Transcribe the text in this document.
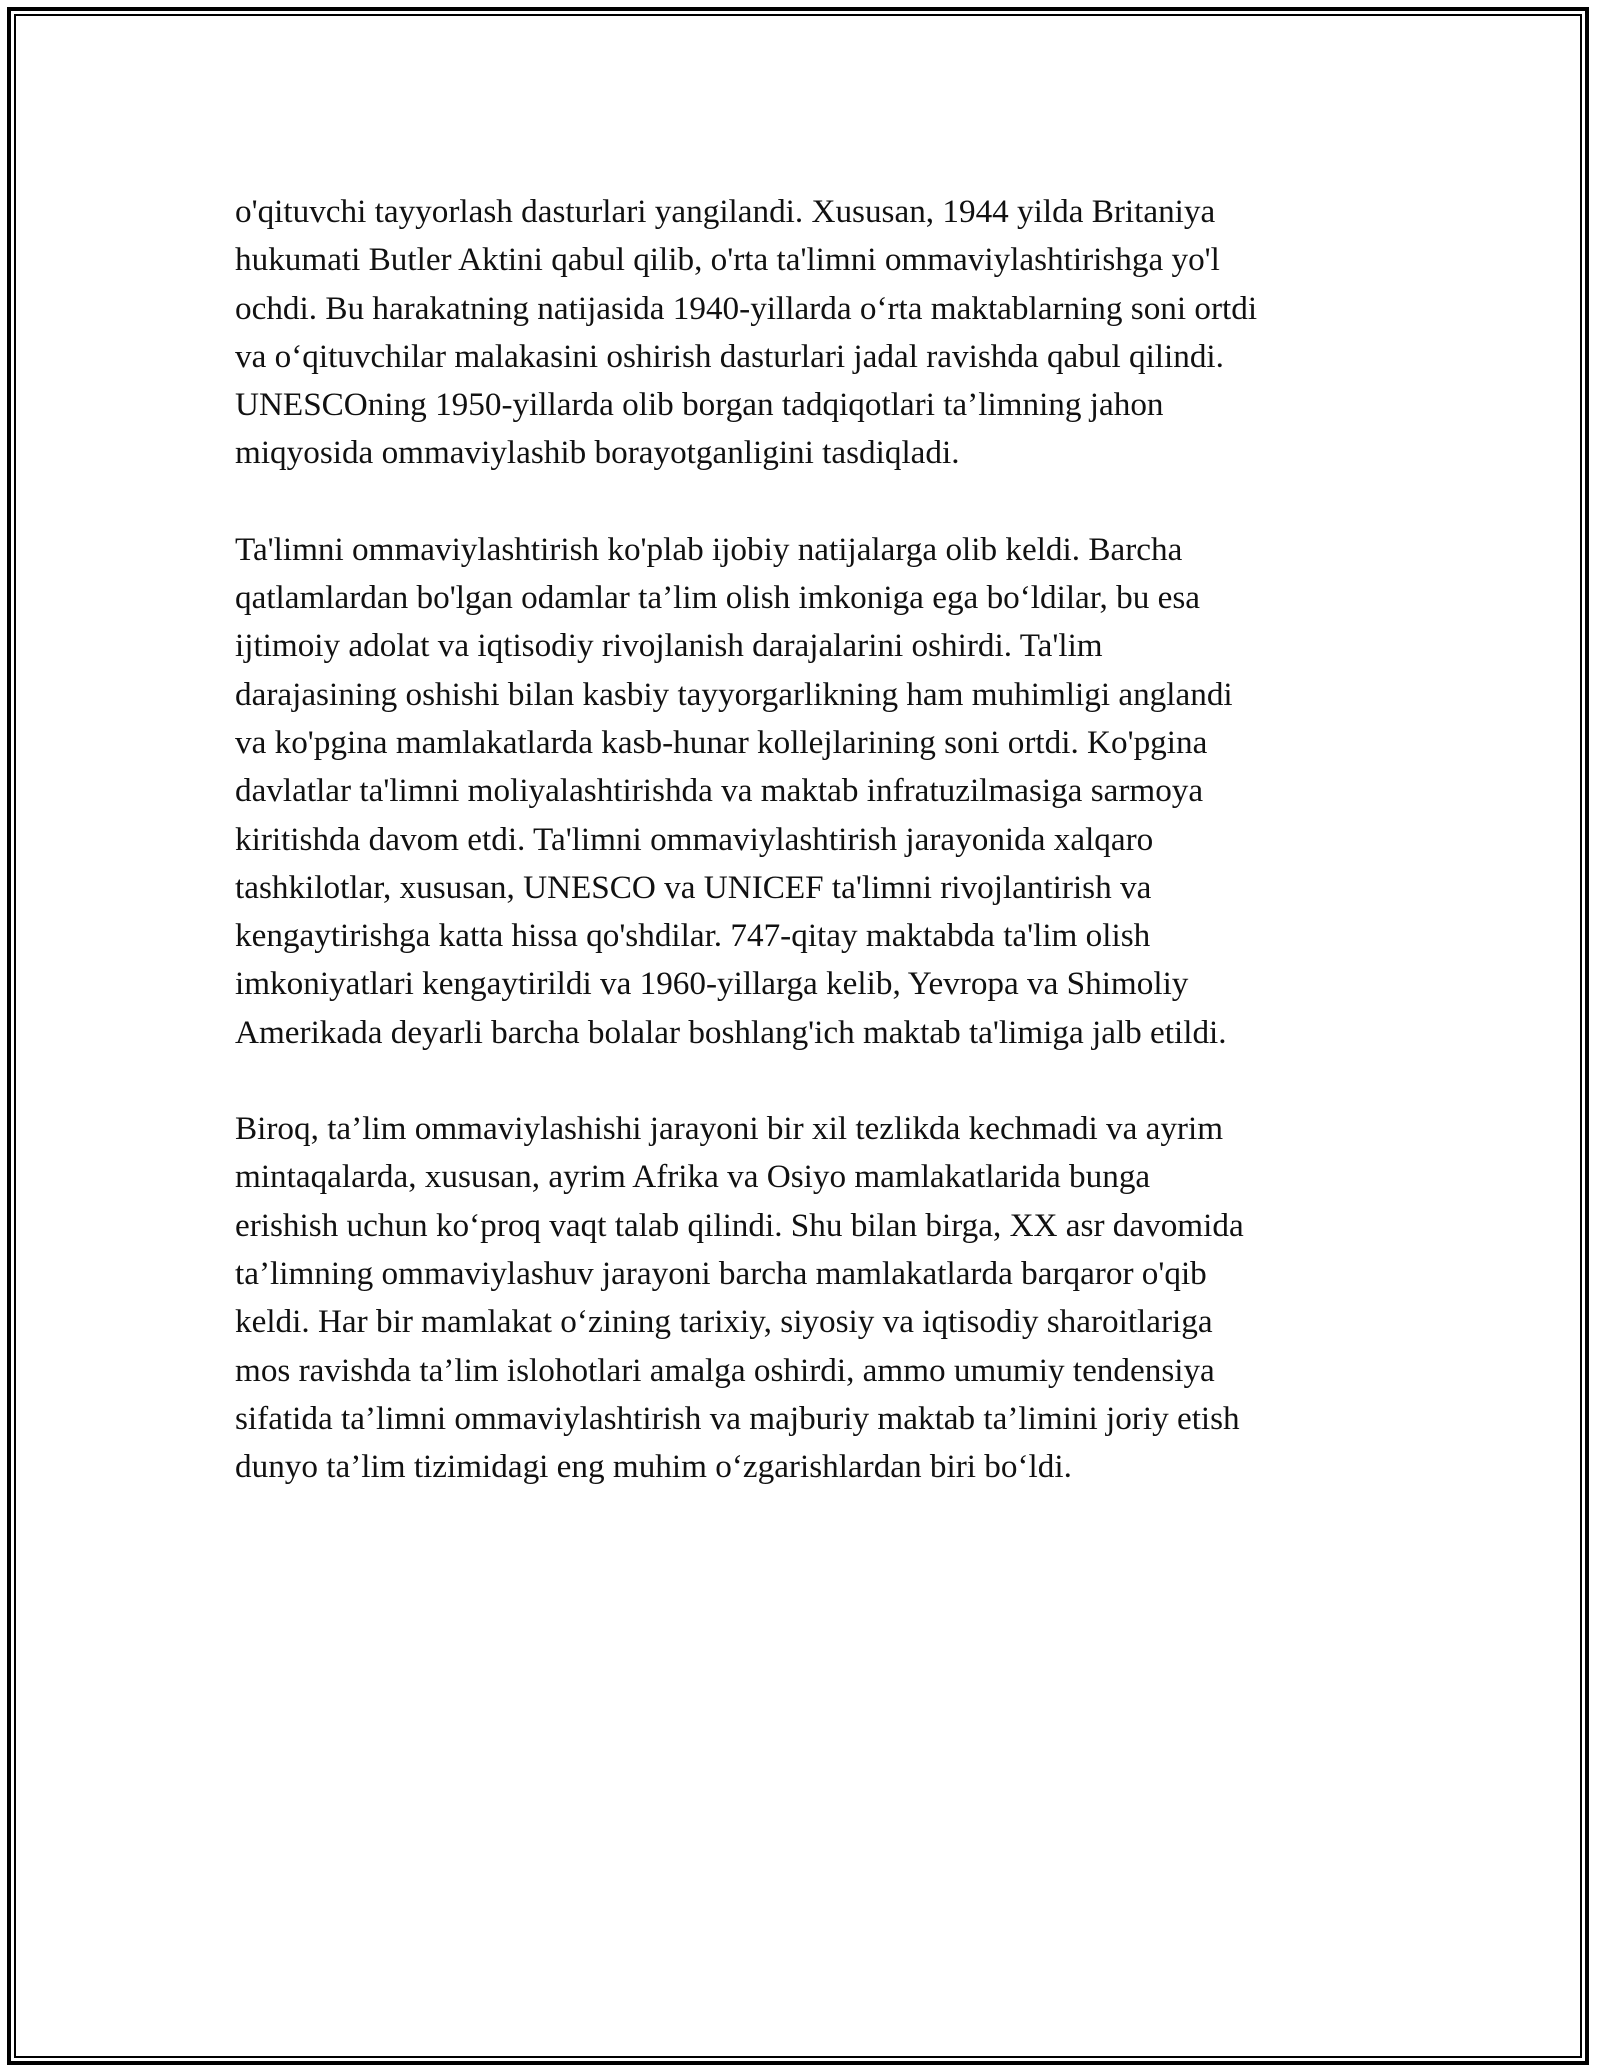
o'qituvchi tayyorlash dasturlari yangilandi. Xususan, 1944 yilda Britaniya
hukumati Butler Aktini qabul qilib, o'rta ta'limni ommaviylashtirishga yo'l
ochdi. Bu harakatning natijasida 1940-yillarda o‘rta maktablarning soni ortdi
va o‘qituvchilar malakasini oshirish dasturlari jadal ravishda qabul qilindi.
UNESCOning 1950-yillarda olib borgan tadqiqotlari ta’limning jahon
miqyosida ommaviylashib borayotganligini tasdiqladi.

Ta'limni ommaviylashtirish ko'plab ijobiy natijalarga olib keldi. Barcha
qatlamlardan bo'lgan odamlar ta’lim olish imkoniga ega bo‘ldilar, bu esa
ijtimoiy adolat va iqtisodiy rivojlanish darajalarini oshirdi. Ta'lim
darajasining oshishi bilan kasbiy tayyorgarlikning ham muhimligi anglandi
va ko'pgina mamlakatlarda kasb-hunar kollejlarining soni ortdi. Ko'pgina
davlatlar ta'limni moliyalashtirishda va maktab infratuzilmasiga sarmoya
kiritishda davom etdi. Ta'limni ommaviylashtirish jarayonida xalqaro
tashkilotlar, xususan, UNESCO va UNICEF ta'limni rivojlantirish va
kengaytirishga katta hissa qo'shdilar. 747-qitay maktabda ta'lim olish
imkoniyatlari kengaytirildi va 1960-yillarga kelib, Yevropa va Shimoliy
Amerikada deyarli barcha bolalar boshlang'ich maktab ta'limiga jalb etildi.

Biroq, ta’lim ommaviylashishi jarayoni bir xil tezlikda kechmadi va ayrim
mintaqalarda, xususan, ayrim Afrika va Osiyo mamlakatlarida bunga
erishish uchun ko‘proq vaqt talab qilindi. Shu bilan birga, XX asr davomida
ta’limning ommaviylashuv jarayoni barcha mamlakatlarda barqaror o'qib
keldi. Har bir mamlakat o‘zining tarixiy, siyosiy va iqtisodiy sharoitlariga
mos ravishda ta’lim islohotlari amalga oshirdi, ammo umumiy tendensiya
sifatida ta’limni ommaviylashtirish va majburiy maktab ta’limini joriy etish
dunyo ta’lim tizimidagi eng muhim o‘zgarishlardan biri bo‘ldi.
